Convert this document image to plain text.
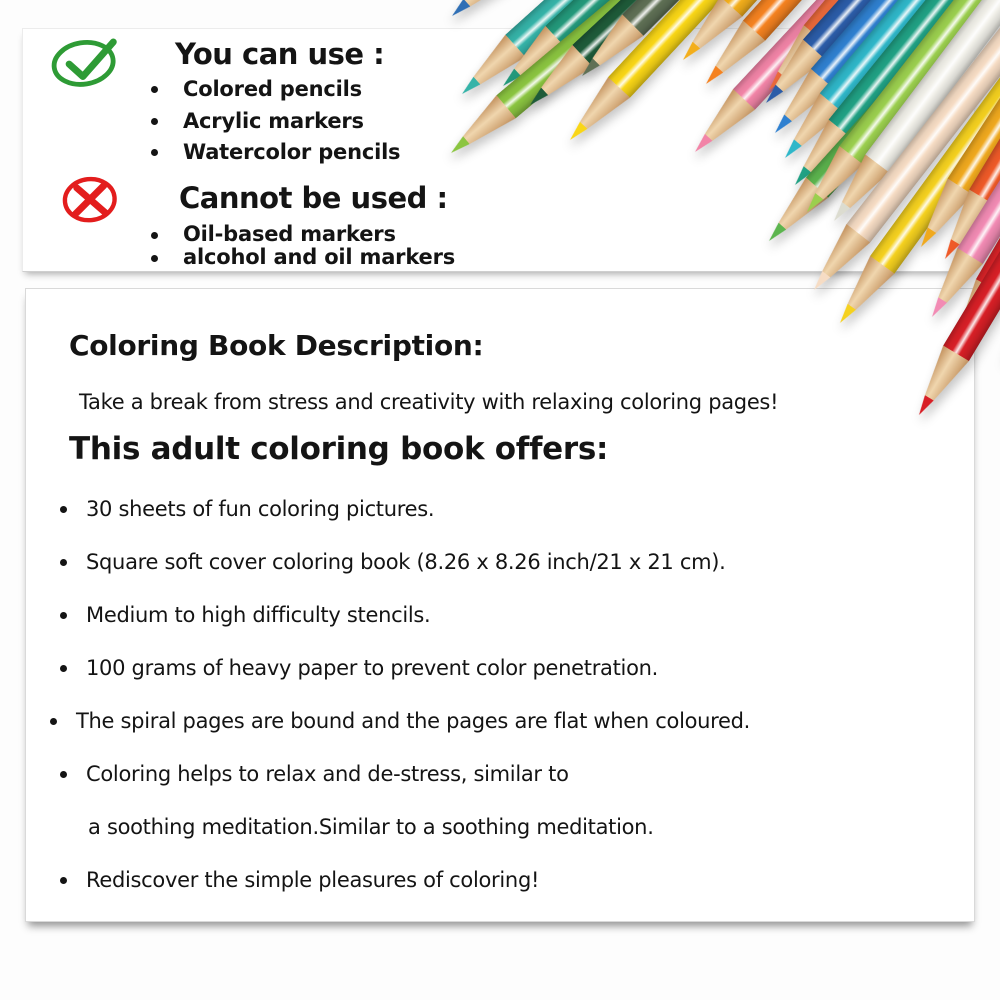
You can use :
Colored pencils
Acrylic markers
Watercolor pencils
Cannot be used :
Oil-based markers
alcohol and oil markers
Coloring Book Description:
Take a break from stress and creativity with relaxing coloring pages!
This adult coloring book offers:
30 sheets of fun coloring pictures.
Square soft cover coloring book (8.26 x 8.26 inch/21 x 21 cm).
Medium to high difficulty stencils.
100 grams of heavy paper to prevent color penetration.
The spiral pages are bound and the pages are flat when coloured.
Coloring helps to relax and de-stress, similar to
a soothing meditation.Similar to a soothing meditation.
Rediscover the simple pleasures of coloring!
